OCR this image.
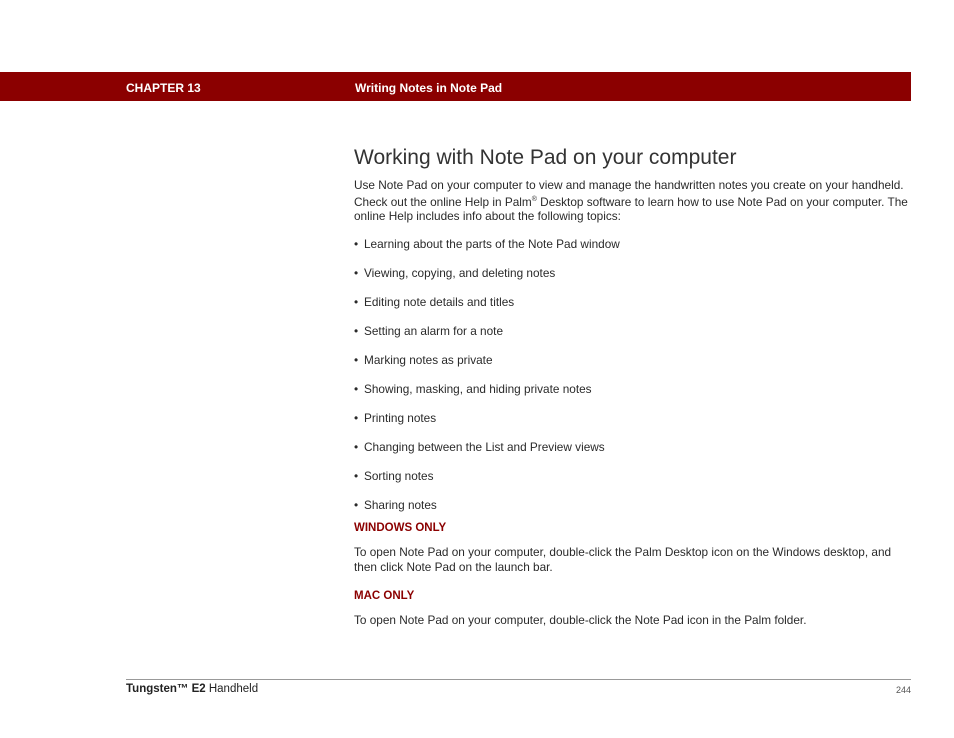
CHAPTER 13	Writing Notes in Note Pad
Working with Note Pad on your computer

Use Note Pad on your computer to view and manage the handwritten notes you create on your handheld. Check out the online Help in Palm® Desktop software to learn how to use Note Pad on your computer. The online Help includes info about the following topics:

• Learning about the parts of the Note Pad window
• Viewing, copying, and deleting notes
• Editing note details and titles
• Setting an alarm for a note
• Marking notes as private
• Showing, masking, and hiding private notes
• Printing notes
• Changing between the List and Preview views
• Sorting notes
• Sharing notes
WINDOWS ONLY

To open Note Pad on your computer, double-click the Palm Desktop icon on the Windows desktop, and then click Note Pad on the launch bar.

MAC ONLY

To open Note Pad on your computer, double-click the Note Pad icon in the Palm folder.

Tungsten™ E2 Handheld	244
